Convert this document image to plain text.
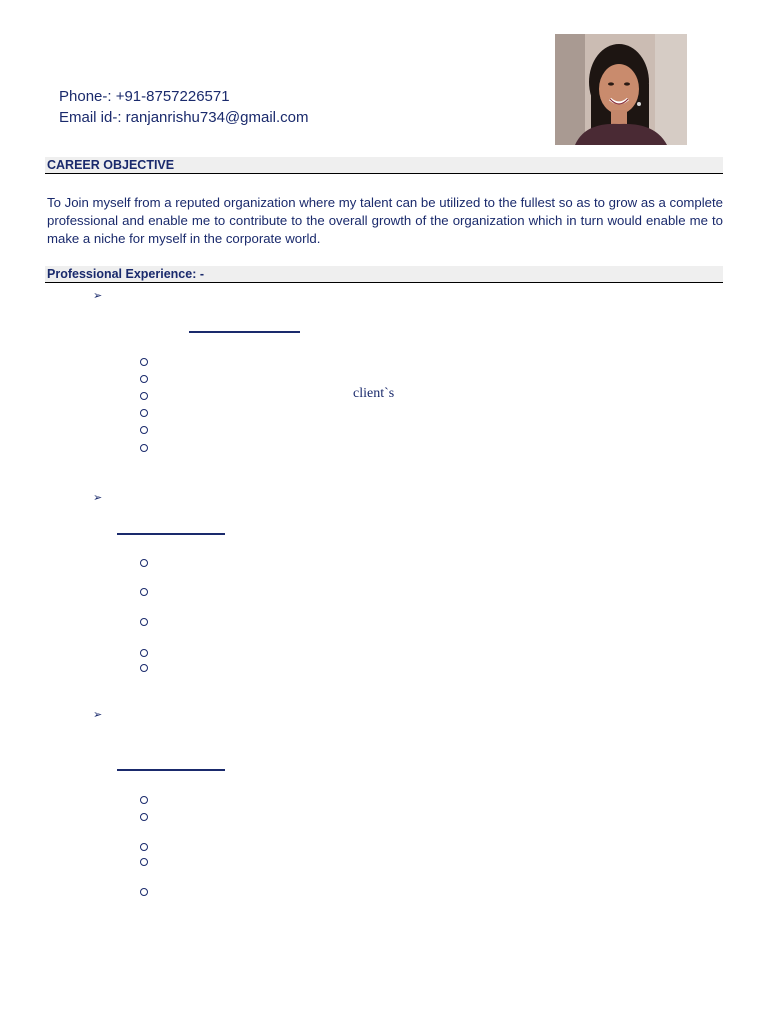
Phone-: +91-8757226571
Email id-: ranjanrishu734@gmail.com
CAREER OBJECTIVE
To Join myself from a reputed organization where my talent can be utilized to the fullest so as to grow as a complete professional and enable me to contribute to the overall growth of the organization which in turn would enable me to make a niche for myself in the corporate world.
Professional Experience: -
➢
client`s
➢
➢
